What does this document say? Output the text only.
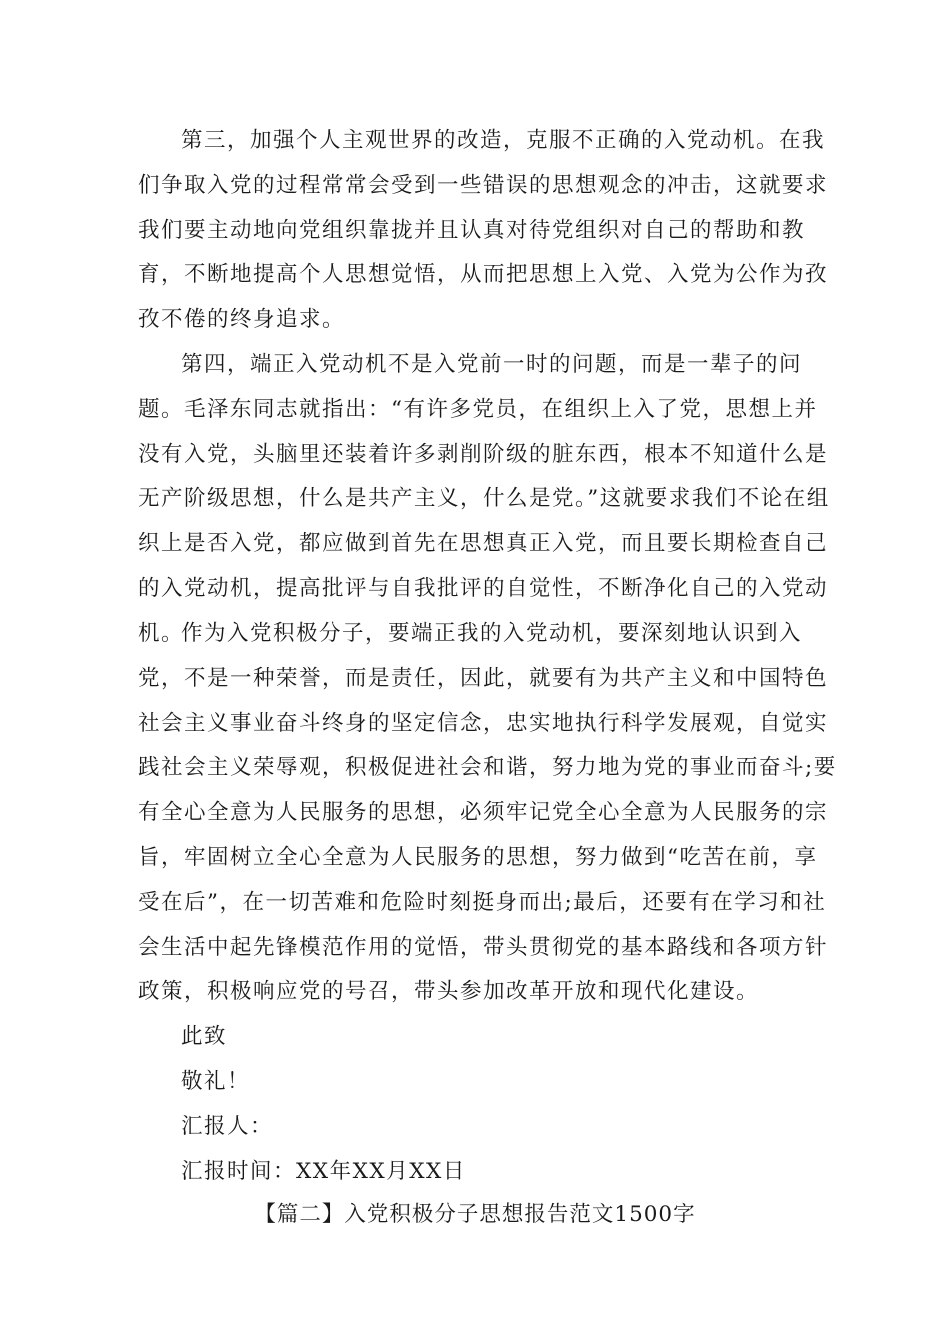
第三，加强个人主观世界的改造，克服不正确的入党动机。在我们争取入党的过程常常会受到一些错误的思想观念的冲击，这就要求我们要主动地向党组织靠拢并且认真对待党组织对自己的帮助和教育，不断地提高个人思想觉悟，从而把思想上入党、入党为公作为孜孜不倦的终身追求。

第四，端正入党动机不是入党前一时的问题，而是一辈子的问题。毛泽东同志就指出：“有许多党员，在组织上入了党，思想上并没有入党，头脑里还装着许多剥削阶级的脏东西，根本不知道什么是无产阶级思想，什么是共产主义，什么是党。”这就要求我们不论在组织上是否入党，都应做到首先在思想真正入党，而且要长期检查自己的入党动机，提高批评与自我批评的自觉性，不断净化自己的入党动机。

作为入党积极分子，要端正我的入党动机，要深刻地认识到入党，不是一种荣誉，而是责任，因此，就要有为共产主义和中国特色社会主义事业奋斗终身的坚定信念，忠实地执行科学发展观，自觉实践社会主义荣辱观，积极促进社会和谐，努力地为党的事业而奋斗;要有全心全意为人民服务的思想，必须牢记党全心全意为人民服务的宗旨，牢固树立全心全意为人民服务的思想，努力做到“吃苦在前，享受在后”，在一切苦难和危险时刻挺身而出;最后，还要有在学习和社会生活中起先锋模范作用的觉悟，带头贯彻党的基本路线和各项方针政策，积极响应党的号召，带头参加改革开放和现代化建设。

此致

敬礼！

汇报人：

汇报时间：XX年XX月XX日

【篇二】入党积极分子思想报告范文1500字
